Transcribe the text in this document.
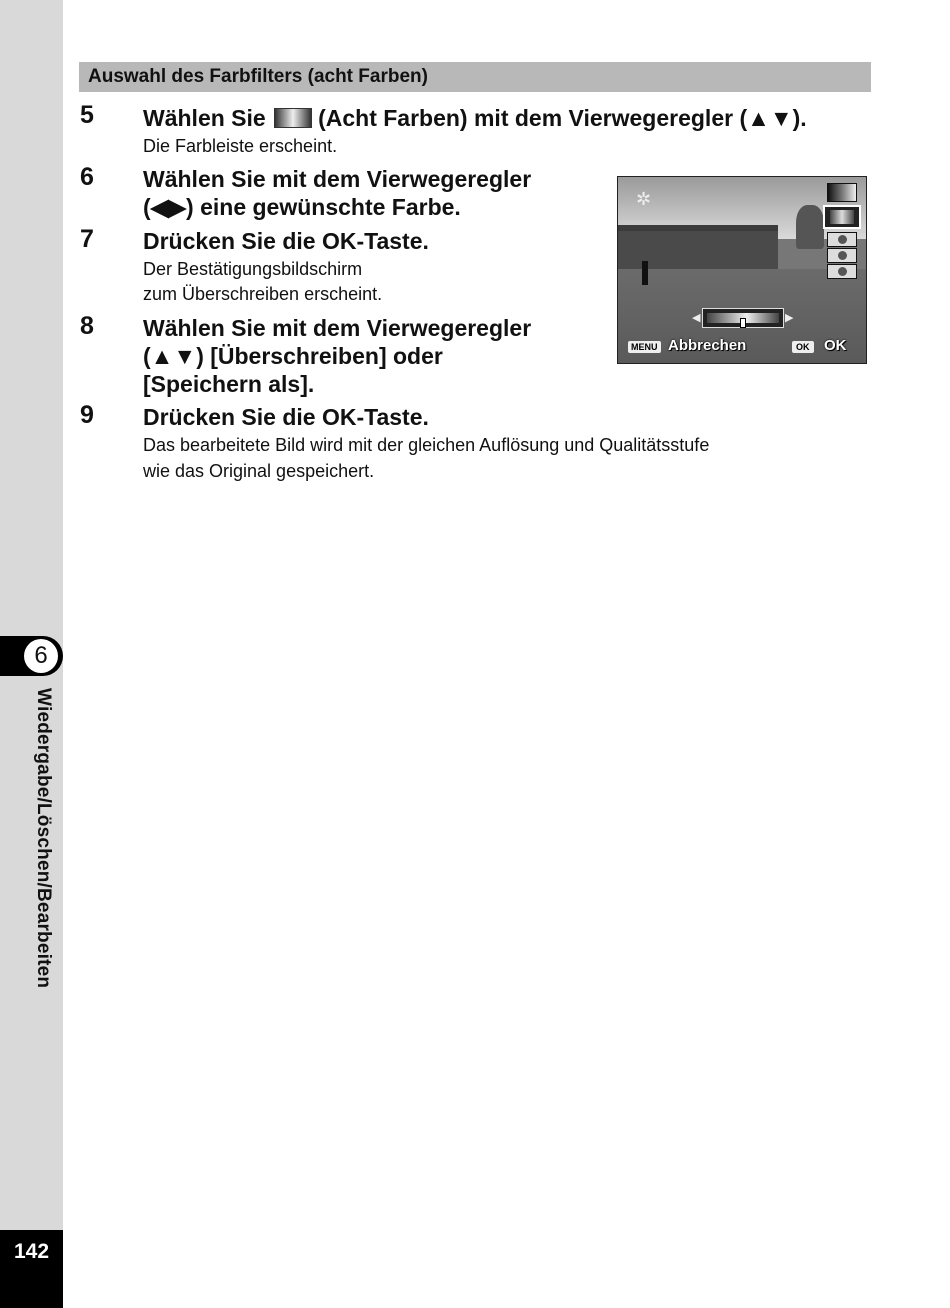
6
Wiedergabe/Löschen/Bearbeiten
142
Auswahl des Farbfilters (acht Farben)
5 Wählen Sie (Acht Farben) mit dem Vierwegeregler (▲▼).
Die Farbleiste erscheint.
6 Wählen Sie mit dem Vierwegeregler
(◀▶) eine gewünschte Farbe.
7 Drücken Sie die OK-Taste.
Der Bestätigungsbildschirm
zum Überschreiben erscheint.
8 Wählen Sie mit dem Vierwegeregler
(▲▼) [Überschreiben] oder
[Speichern als].
9 Drücken Sie die OK-Taste.
Das bearbeitete Bild wird mit der gleichen Auflösung und Qualitätsstufe
wie das Original gespeichert.
✲
◀	▶
MENU Abbrechen	OK OK
